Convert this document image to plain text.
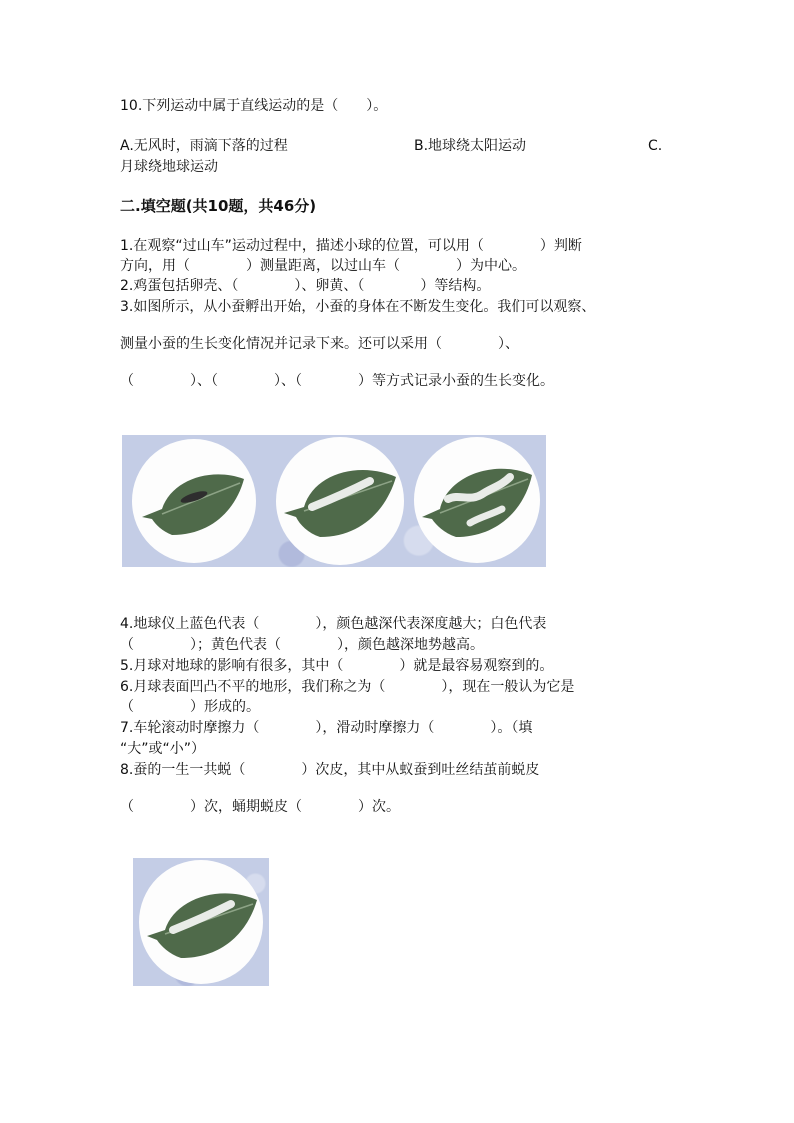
10.下列运动中属于直线运动的是（　　）。
A.无风时，雨滴下落的过程	B.地球绕太阳运动	C.
月球绕地球运动
二.填空题(共10题，共46分)
1.在观察“过山车”运动过程中，描述小球的位置，可以用（　　　　）判断
方向，用（　　　　）测量距离，以过山车（　　　　）为中心。
2.鸡蛋包括卵壳、（　　　　）、卵黄、（　　　　）等结构。
3.如图所示，从小蚕孵出开始，小蚕的身体在不断发生变化。我们可以观察、
测量小蚕的生长变化情况并记录下来。还可以采用（　　　　）、
（　　　　）、（　　　　）、（　　　　）等方式记录小蚕的生长变化。
4.地球仪上蓝色代表（　　　　），颜色越深代表深度越大；白色代表
（　　　　）；黄色代表（　　　　），颜色越深地势越高。
5.月球对地球的影响有很多，其中（　　　　）就是最容易观察到的。
6.月球表面凹凸不平的地形，我们称之为（　　　　），现在一般认为它是
（　　　　）形成的。
7.车轮滚动时摩擦力（　　　　），滑动时摩擦力（　　　　）。（填
“大”或“小”）
8.蚕的一生一共蜕（　　　　）次皮，其中从蚁蚕到吐丝结茧前蜕皮
（　　　　）次，蛹期蜕皮（　　　　）次。
